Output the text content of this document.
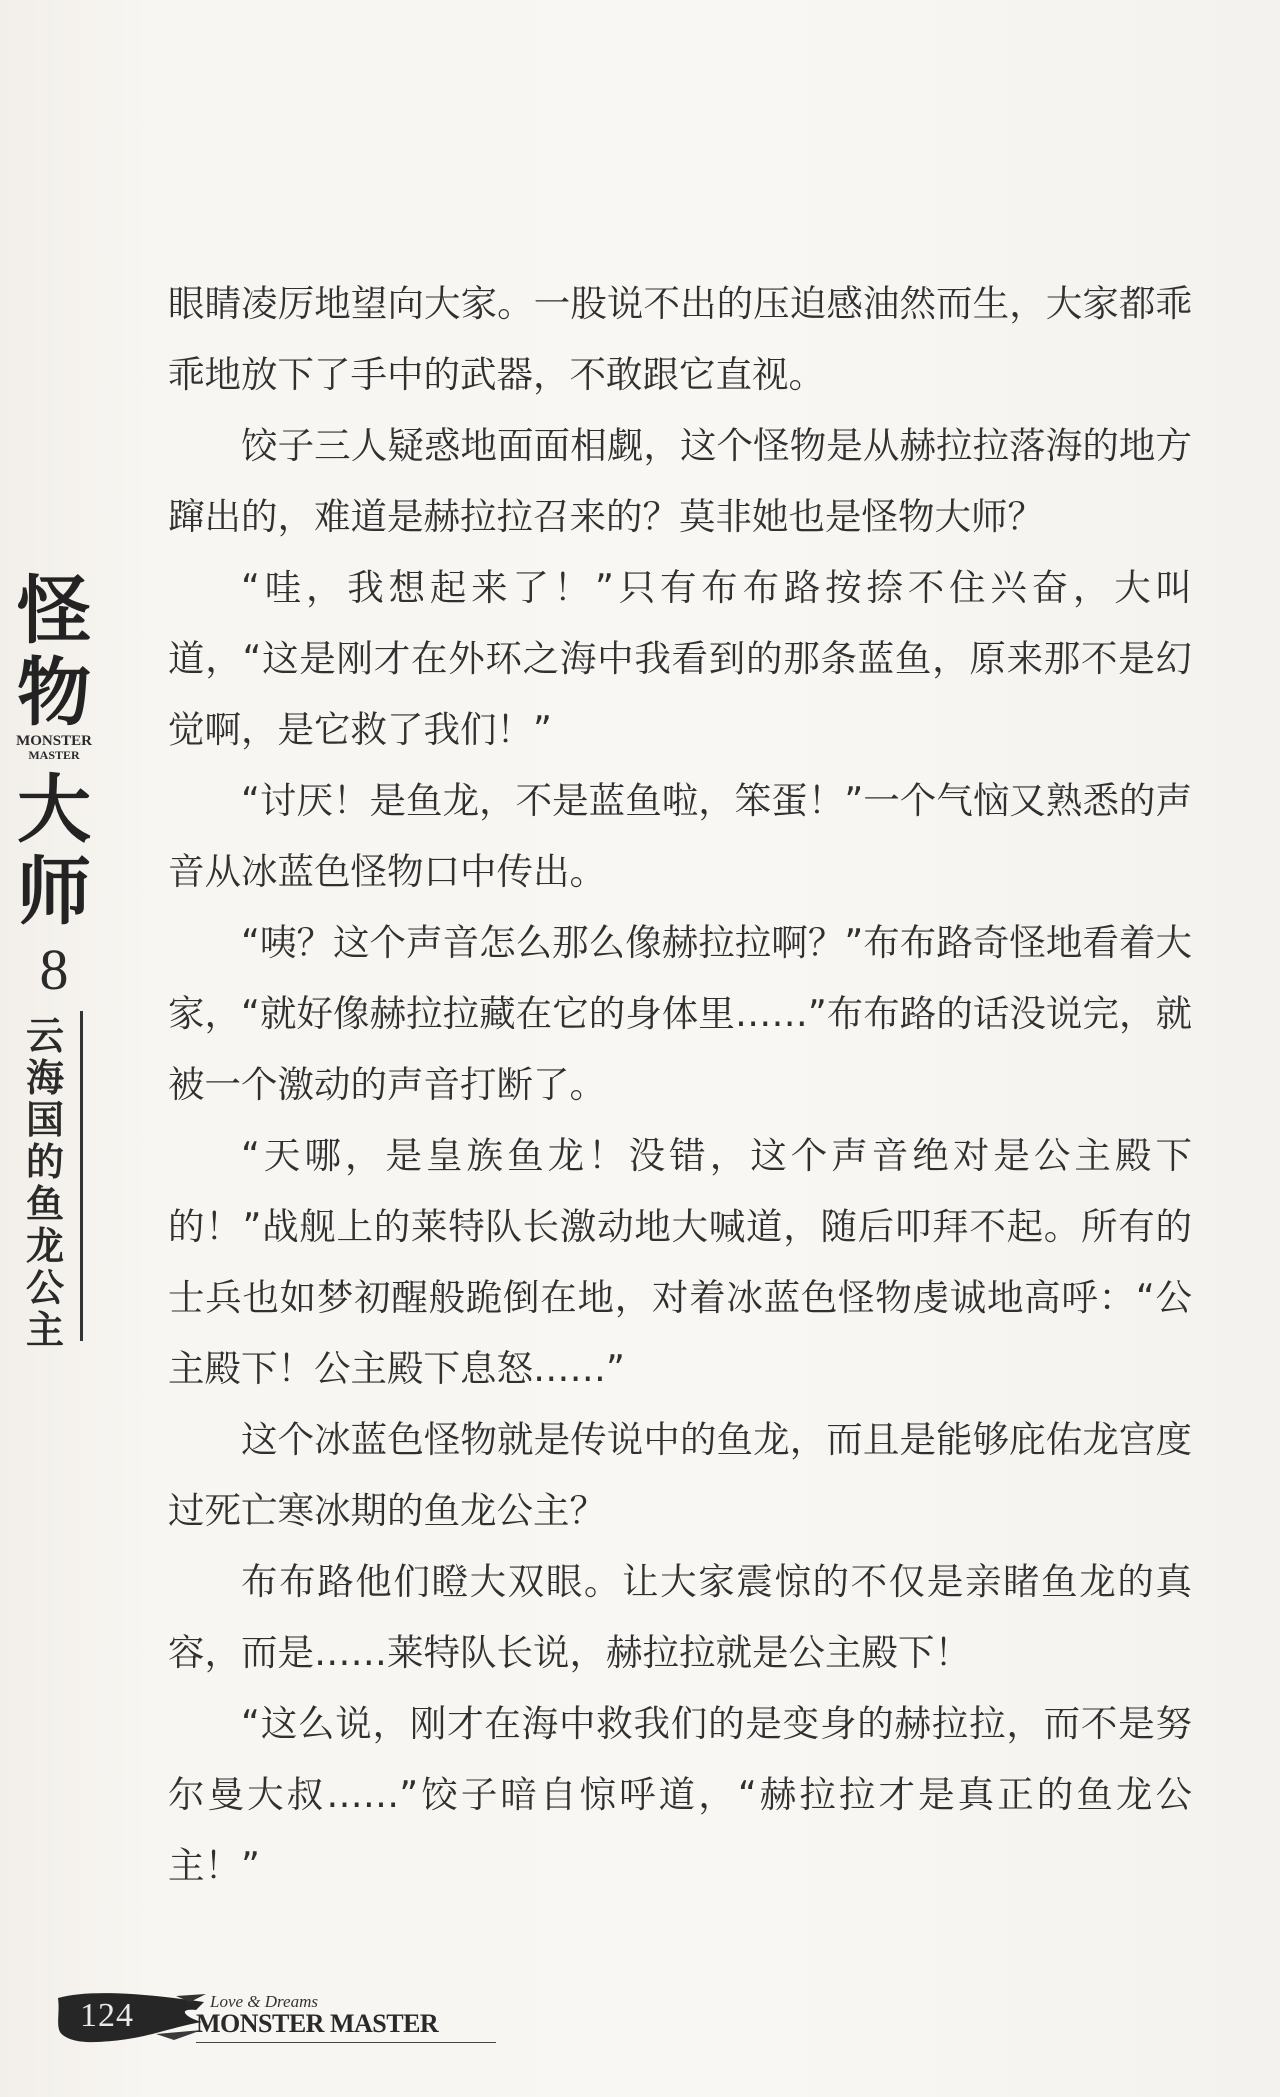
怪物
MONSTER
MASTER
大师
8
云海国的鱼龙公主

眼睛凌厉地望向大家。一股说不出的压迫感油然而生，大家都乖乖地放下了手中的武器，不敢跟它直视。

饺子三人疑惑地面面相觑，这个怪物是从赫拉拉落海的地方蹿出的，难道是赫拉拉召来的？莫非她也是怪物大师？

“哇，我想起来了！”只有布布路按捺不住兴奋，大叫道，“这是刚才在外环之海中我看到的那条蓝鱼，原来那不是幻觉啊，是它救了我们！”

“讨厌！是鱼龙，不是蓝鱼啦，笨蛋！”一个气恼又熟悉的声音从冰蓝色怪物口中传出。

“咦？这个声音怎么那么像赫拉拉啊？”布布路奇怪地看着大家，“就好像赫拉拉藏在它的身体里……”布布路的话没说完，就被一个激动的声音打断了。

“天哪，是皇族鱼龙！没错，这个声音绝对是公主殿下的！”战舰上的莱特队长激动地大喊道，随后叩拜不起。所有的士兵也如梦初醒般跪倒在地，对着冰蓝色怪物虔诚地高呼：“公主殿下！公主殿下息怒……”

这个冰蓝色怪物就是传说中的鱼龙，而且是能够庇佑龙宫度过死亡寒冰期的鱼龙公主？

布布路他们瞪大双眼。让大家震惊的不仅是亲睹鱼龙的真容，而是……莱特队长说，赫拉拉就是公主殿下！

“这么说，刚才在海中救我们的是变身的赫拉拉，而不是努尔曼大叔……”饺子暗自惊呼道，“赫拉拉才是真正的鱼龙公主！”

124	Love & Dreams
MONSTER MASTER
